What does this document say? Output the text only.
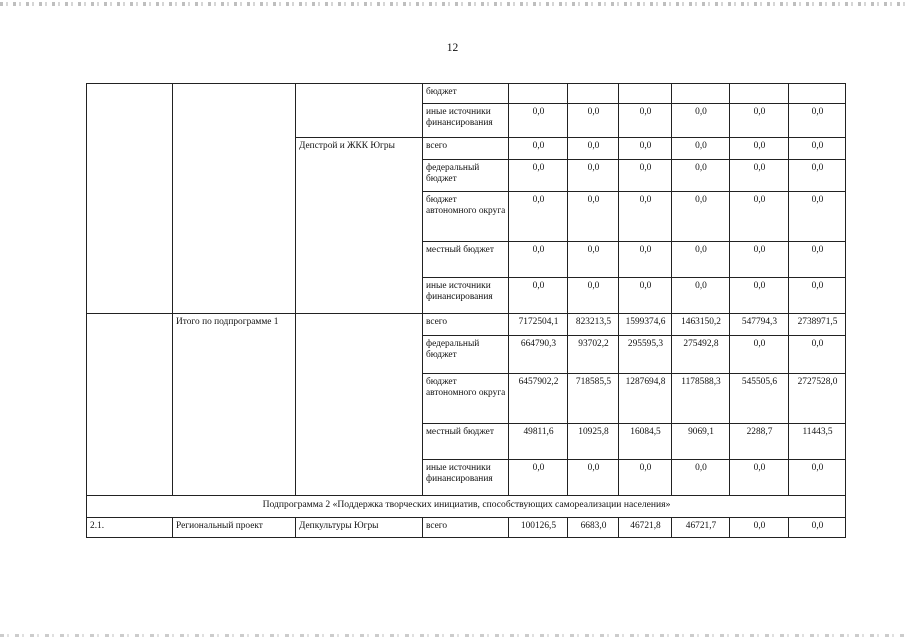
12
			бюджет						
			иные источники финансирования	0,0	0,0	0,0	0,0	0,0	0,0
		Депстрой и ЖКК Югры	всего	0,0	0,0	0,0	0,0	0,0	0,0
			федеральный бюджет	0,0	0,0	0,0	0,0	0,0	0,0
			бюджет автономного округа	0,0	0,0	0,0	0,0	0,0	0,0
			местный бюджет	0,0	0,0	0,0	0,0	0,0	0,0
			иные источники финансирования	0,0	0,0	0,0	0,0	0,0	0,0
	Итого по подпрограмме 1		всего	7172504,1	823213,5	1599374,6	1463150,2	547794,3	2738971,5
			федеральный бюджет	664790,3	93702,2	295595,3	275492,8	0,0	0,0
			бюджет автономного округа	6457902,2	718585,5	1287694,8	1178588,3	545505,6	2727528,0
			местный бюджет	49811,6	10925,8	16084,5	9069,1	2288,7	11443,5
			иные источники финансирования	0,0	0,0	0,0	0,0	0,0	0,0
Подпрограмма 2 «Поддержка творческих инициатив, способствующих самореализации населения»									
2.1.	Региональный проект	Депкультуры Югры	всего	100126,5	6683,0	46721,8	46721,7	0,0	0,0
